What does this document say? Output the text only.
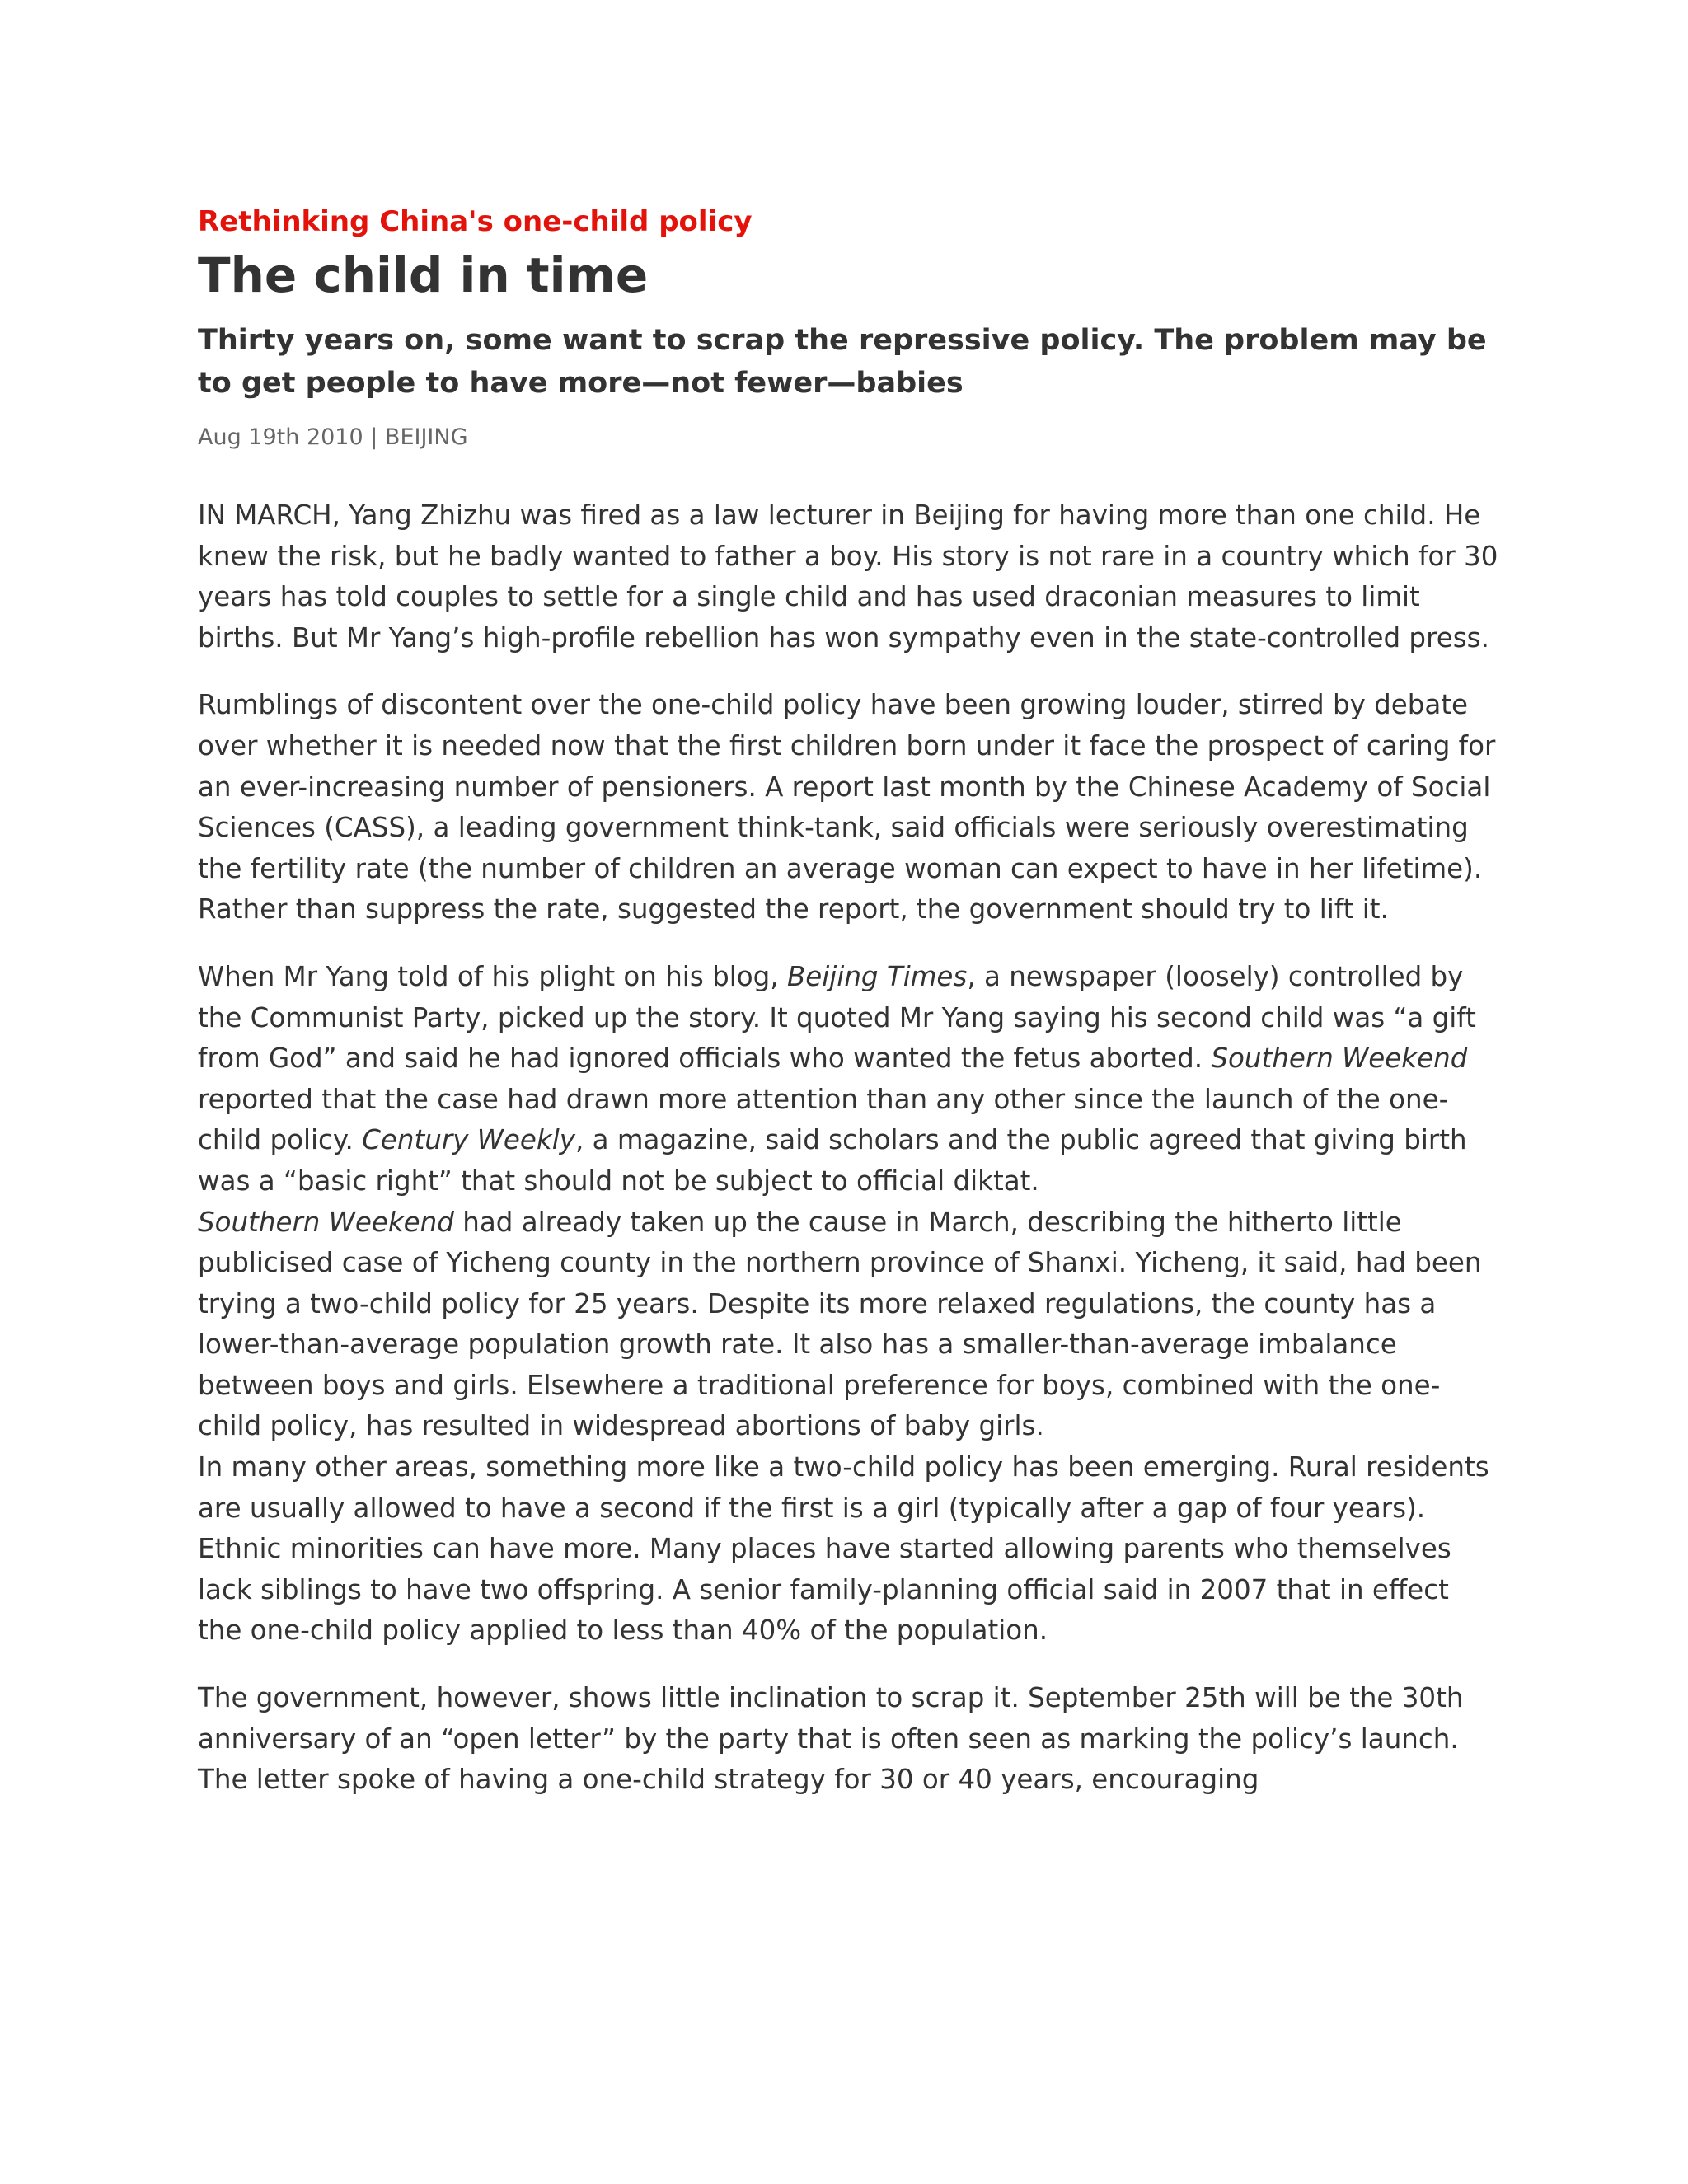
Rethinking China's one-child policy
The child in time
Thirty years on, some want to scrap the repressive policy. The problem may be to get people to have more—not fewer—babies
Aug 19th 2010 | BEIJING

IN MARCH, Yang Zhizhu was fired as a law lecturer in Beijing for having more than one child. He knew the risk, but he badly wanted to father a boy. His story is not rare in a country which for 30 years has told couples to settle for a single child and has used draconian measures to limit births. But Mr Yang’s high-profile rebellion has won sympathy even in the state-controlled press.

Rumblings of discontent over the one-child policy have been growing louder, stirred by debate over whether it is needed now that the first children born under it face the prospect of caring for an ever-increasing number of pensioners. A report last month by the Chinese Academy of Social Sciences (CASS), a leading government think-tank, said officials were seriously overestimating the fertility rate (the number of children an average woman can expect to have in her lifetime). Rather than suppress the rate, suggested the report, the government should try to lift it.

When Mr Yang told of his plight on his blog, Beijing Times, a newspaper (loosely) controlled by the Communist Party, picked up the story. It quoted Mr Yang saying his second child was “a gift from God” and said he had ignored officials who wanted the fetus aborted. Southern Weekend reported that the case had drawn more attention than any other since the launch of the one-child policy. Century Weekly, a magazine, said scholars and the public agreed that giving birth was a “basic right” that should not be subject to official diktat.

Southern Weekend had already taken up the cause in March, describing the hitherto little publicised case of Yicheng county in the northern province of Shanxi. Yicheng, it said, had been trying a two-child policy for 25 years. Despite its more relaxed regulations, the county has a lower-than-average population growth rate. It also has a smaller-than-average imbalance between boys and girls. Elsewhere a traditional preference for boys, combined with the one-child policy, has resulted in widespread abortions of baby girls.

In many other areas, something more like a two-child policy has been emerging. Rural residents are usually allowed to have a second if the first is a girl (typically after a gap of four years). Ethnic minorities can have more. Many places have started allowing parents who themselves lack siblings to have two offspring. A senior family-planning official said in 2007 that in effect the one-child policy applied to less than 40% of the population.

The government, however, shows little inclination to scrap it. September 25th will be the 30th anniversary of an “open letter” by the party that is often seen as marking the policy’s launch. The letter spoke of having a one-child strategy for 30 or 40 years, encouraging
